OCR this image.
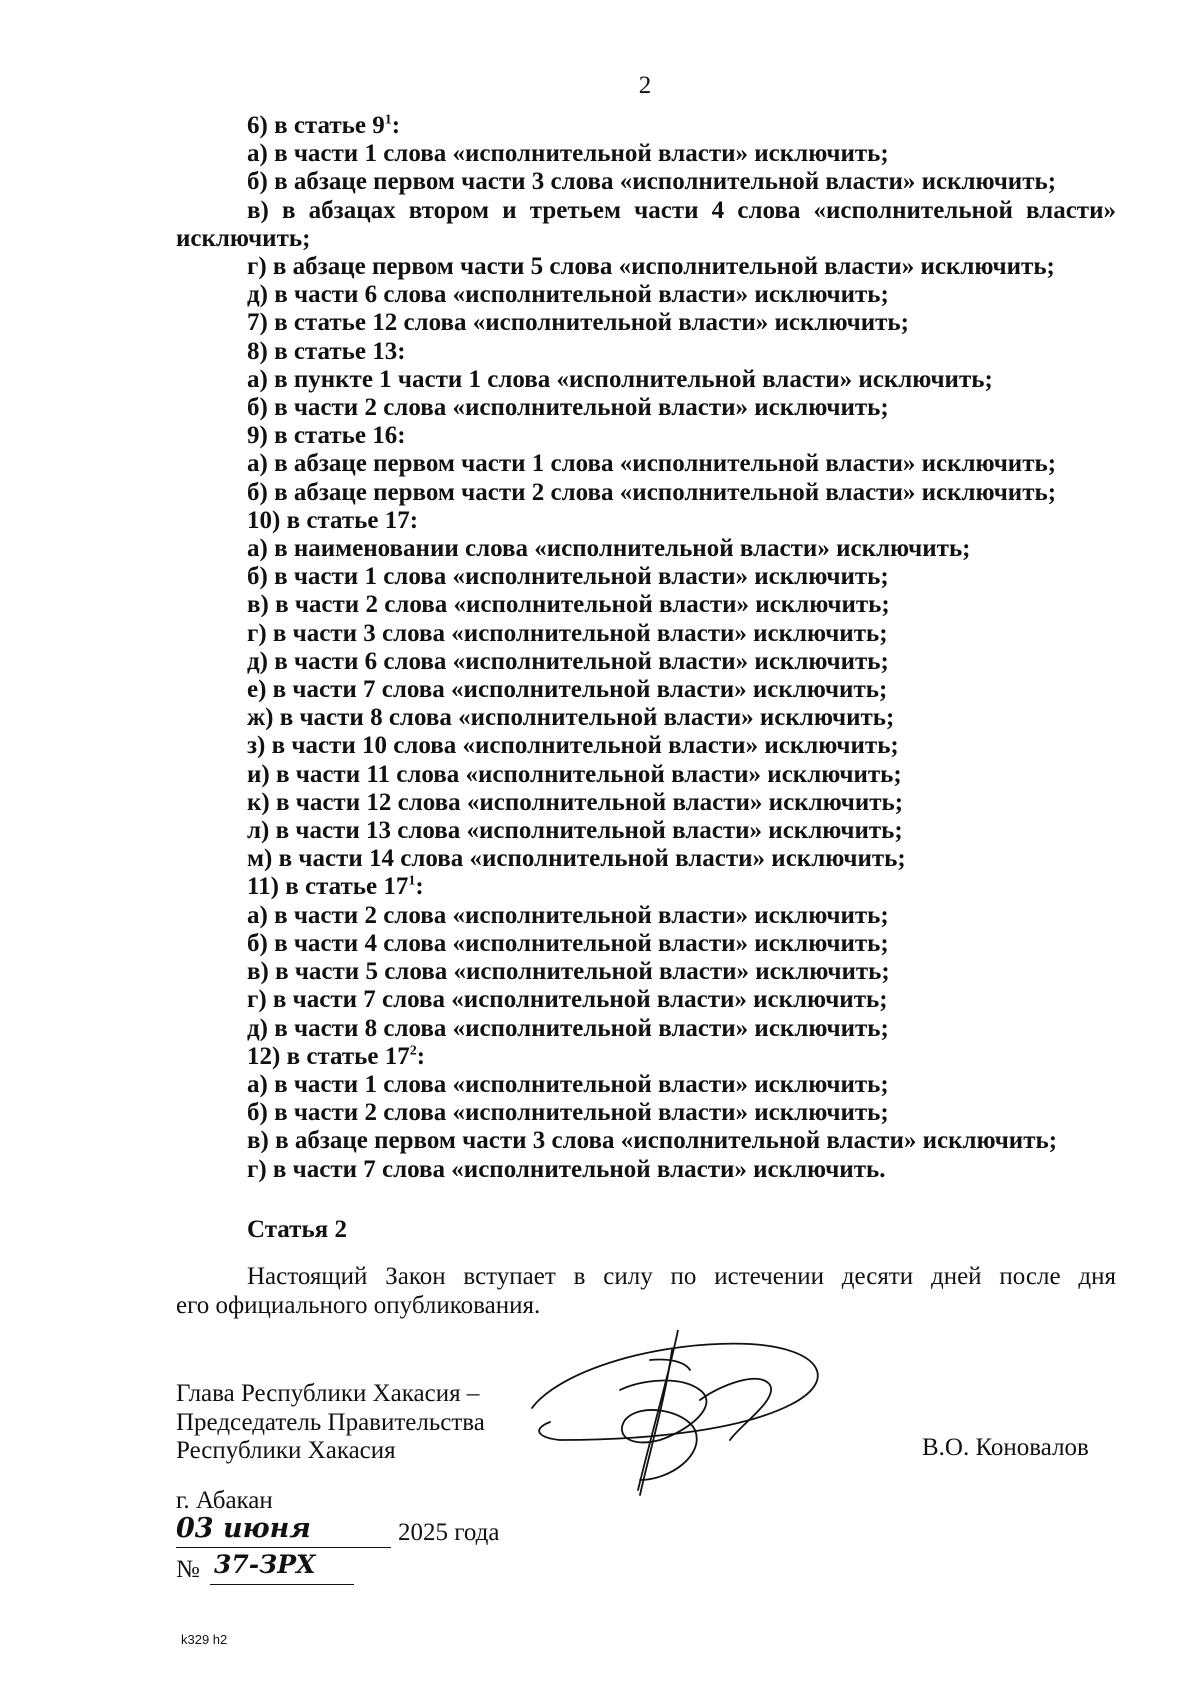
2
6) в статье $9^1$:
а) в части 1 слова «исполнительной власти» исключить;
б) в абзаце первом части 3 слова «исполнительной власти» исключить;
в) в абзацах втором и третьем части 4 слова «исполнительной власти»
исключить;
г) в абзаце первом части 5 слова «исполнительной власти» исключить;
д) в части 6 слова «исполнительной власти» исключить;
7) в статье 12 слова «исполнительной власти» исключить;
8) в статье 13:
а) в пункте 1 части 1 слова «исполнительной власти» исключить;
б) в части 2 слова «исполнительной власти» исключить;
9) в статье 16:
а) в абзаце первом части 1 слова «исполнительной власти» исключить;
б) в абзаце первом части 2 слова «исполнительной власти» исключить;
10) в статье 17:
а) в наименовании слова «исполнительной власти» исключить;
б) в части 1 слова «исполнительной власти» исключить;
в) в части 2 слова «исполнительной власти» исключить;
г) в части 3 слова «исполнительной власти» исключить;
д) в части 6 слова «исполнительной власти» исключить;
е) в части 7 слова «исполнительной власти» исключить;
ж) в части 8 слова «исполнительной власти» исключить;
з) в части 10 слова «исполнительной власти» исключить;
и) в части 11 слова «исполнительной власти» исключить;
к) в части 12 слова «исполнительной власти» исключить;
л) в части 13 слова «исполнительной власти» исключить;
м) в части 14 слова «исполнительной власти» исключить;
11) в статье $17^1$:
а) в части 2 слова «исполнительной власти» исключить;
б) в части 4 слова «исполнительной власти» исключить;
в) в части 5 слова «исполнительной власти» исключить;
г) в части 7 слова «исполнительной власти» исключить;
д) в части 8 слова «исполнительной власти» исключить;
12) в статье $17^2$:
а) в части 1 слова «исполнительной власти» исключить;
б) в части 2 слова «исполнительной власти» исключить;
в) в абзаце первом части 3 слова «исполнительной власти» исключить;
г) в части 7 слова «исполнительной власти» исключить.
Статья 2
Настоящий Закон вступает в силу по истечении десяти дней после дня
его официального опубликования.
Глава Республики Хакасия –
Председатель Правительства
Республики Хакасия	В.О. Коновалов
г. Абакан
03 июня	2025 года
№ 37-ЗРХ
k329 h2
